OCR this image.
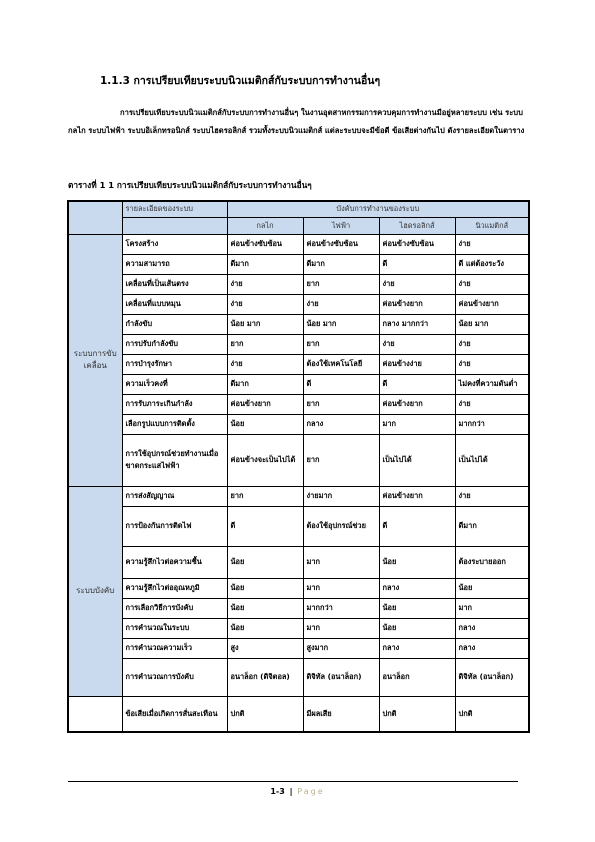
1.1.3 การเปรียบเทียบระบบนิวแมติกส์กับระบบการทำงานอื่นๆ
การเปรียบเทียบระบบนิวแมติกส์กับระบบการทำงานอื่นๆ ในงานอุตสาหกรรมการควบคุมการทำงานมีอยู่หลายระบบ เช่น ระบบกลไก ระบบไฟฟ้า ระบบอิเล็กทรอนิกส์ ระบบไฮดรอลิกส์ รวมทั้งระบบนิวแมติกส์ แต่ละระบบจะมีข้อดี ข้อเสียต่างกันไป ดังรายละเอียดในตาราง
ตารางที่ 1 1 การเปรียบเทียบระบบนิวแมติกส์กับระบบการทำงานอื่นๆ
	รายละเอียดของระบบ	บังคับการทำงานของระบบ			
		กลไก	ไฟฟ้า	ไฮดรอลิกส์	นิวแมติกส์
ระบบการขับเคลื่อน	โครงสร้าง	ค่อนข้างซับซ้อน	ค่อนข้างซับซ้อน	ค่อนข้างซับซ้อน	ง่าย
	ความสามารถ	ดีมาก	ดีมาก	ดี	ดี แต่ต้องระวัง
	เคลื่อนที่เป็นเส้นตรง	ง่าย	ยาก	ง่าย	ง่าย
	เคลื่อนที่แบบหมุน	ง่าย	ง่าย	ค่อนข้างยาก	ค่อนข้างยาก
	กำลังขับ	น้อย มาก	น้อย มาก	กลาง มากกว่า	น้อย มาก
	การปรับกำลังขับ	ยาก	ยาก	ง่าย	ง่าย
	การบำรุงรักษา	ง่าย	ต้องใช้เทคโนโลยี	ค่อนข้างง่าย	ง่าย
	ความเร็วคงที่	ดีมาก	ดี	ดี	ไม่คงที่ความดันต่ำ
	การรับภาระเกินกำลัง	ค่อนข้างยาก	ยาก	ค่อนข้างยาก	ง่าย
	เลือกรูปแบบการติดตั้ง	น้อย	กลาง	มาก	มากกว่า
	การใช้อุปกรณ์ช่วยทำงานเมื่อขาดกระแสไฟฟ้า	ค่อนข้างจะเป็นไปได้	ยาก	เป็นไปได้	เป็นไปได้
ระบบบังคับ	การส่งสัญญาณ	ยาก	ง่ายมาก	ค่อนข้างยาก	ง่าย
	การป้องกันการติดไฟ	ดี	ต้องใช้อุปกรณ์ช่วย	ดี	ดีมาก
	ความรู้สึกไวต่อความชื้น	น้อย	มาก	น้อย	ต้องระบายออก
	ความรู้สึกไวต่ออุณหภูมิ	น้อย	มาก	กลาง	น้อย
	การเลือกวิธีการบังคับ	น้อย	มากกว่า	น้อย	มาก
	การคำนวณในระบบ	น้อย	มาก	น้อย	กลาง
	การคำนวณความเร็ว	สูง	สูงมาก	กลาง	กลาง
	การคำนวณการบังคับ	อนาล็อก (ดิจิตอล)	ดิจิทัล (อนาล็อก)	อนาล็อก	ดิจิทัล (อนาล็อก)
	ข้อเสียเมื่อเกิดการสั่นสะเทือน	ปกติ	มีผลเสีย	ปกติ	ปกติ
1-3 | Page
